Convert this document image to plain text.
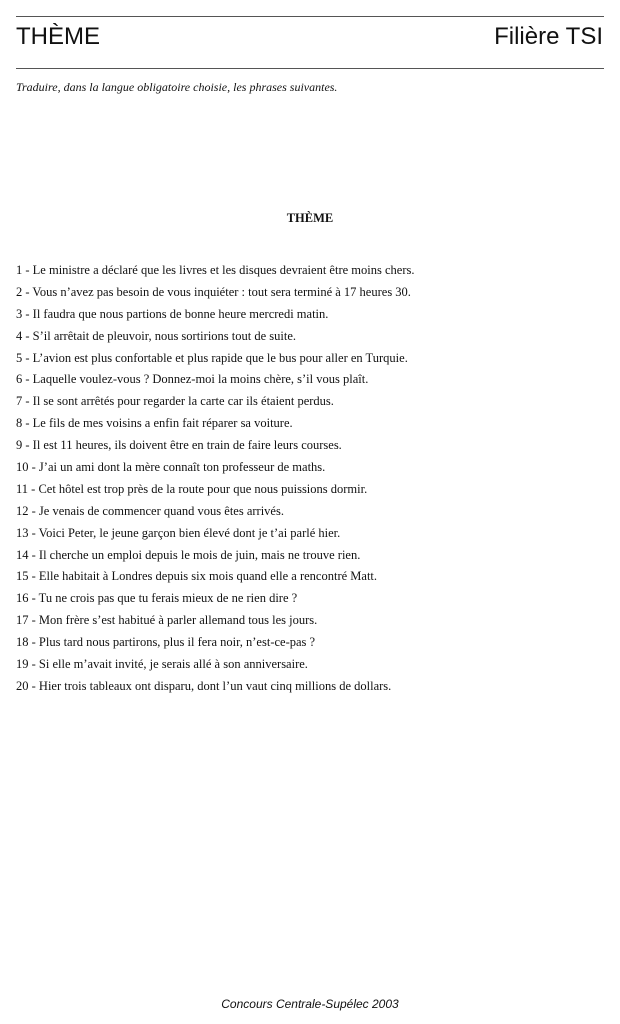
THÈME	Filière TSI
Traduire, dans la langue obligatoire choisie, les phrases suivantes.
THÈME
1 - Le ministre a déclaré que les livres et les disques devraient être moins chers.
2 - Vous n’avez pas besoin de vous inquiéter : tout sera terminé à 17 heures 30.
3 - Il faudra que nous partions de bonne heure mercredi matin.
4 - S’il arrêtait de pleuvoir, nous sortirions tout de suite.
5 - L’avion est plus confortable et plus rapide que le bus pour aller en Turquie.
6 - Laquelle voulez-vous ? Donnez-moi la moins chère, s’il vous plaît.
7 - Il se sont arrêtés pour regarder la carte car ils étaient perdus.
8 - Le fils de mes voisins a enfin fait réparer sa voiture.
9 - Il est 11 heures, ils doivent être en train de faire leurs courses.
10 - J’ai un ami dont la mère connaît ton professeur de maths.
11 - Cet hôtel est trop près de la route pour que nous puissions dormir.
12 - Je venais de commencer quand vous êtes arrivés.
13 - Voici Peter, le jeune garçon bien élevé dont je t’ai parlé hier.
14 - Il cherche un emploi depuis le mois de juin, mais ne trouve rien.
15 - Elle habitait à Londres depuis six mois quand elle a rencontré Matt.
16 - Tu ne crois pas que tu ferais mieux de ne rien dire ?
17 - Mon frère s’est habitué à parler allemand tous les jours.
18 - Plus tard nous partirons, plus il fera noir, n’est-ce-pas ?
19 - Si elle m’avait invité, je serais allé à son anniversaire.
20 - Hier trois tableaux ont disparu, dont l’un vaut cinq millions de dollars.
Concours Centrale-Supélec 2003
